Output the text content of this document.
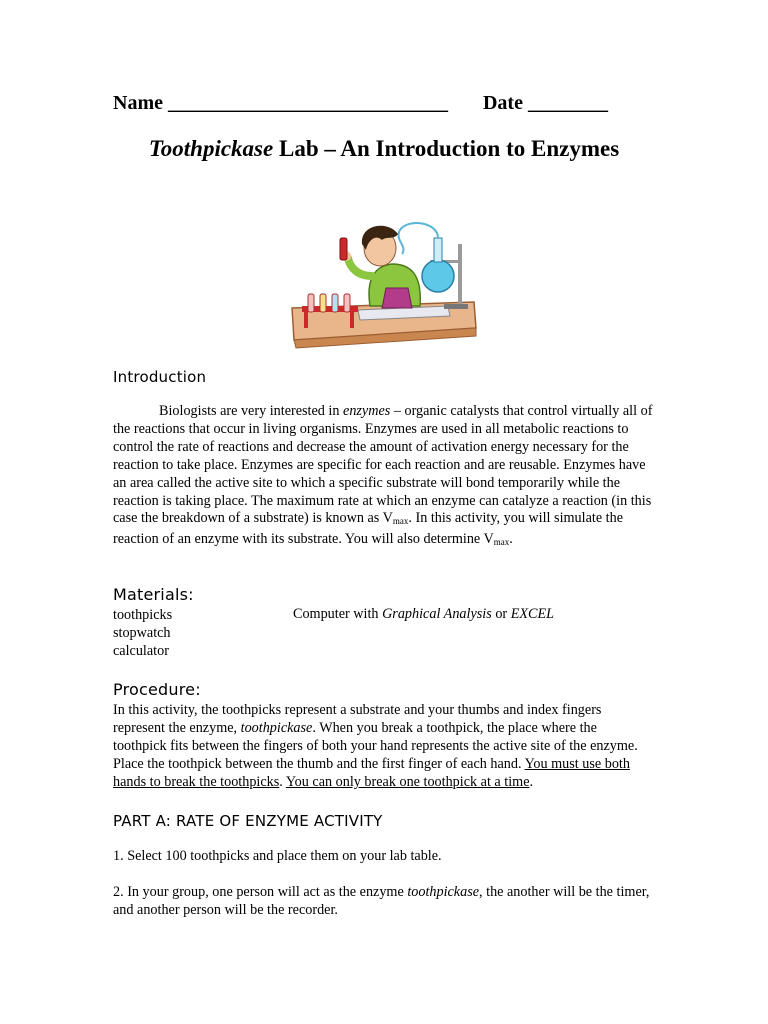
Name ____________________________ Date ________
Toothpickase Lab – An Introduction to Enzymes
Introduction
Biologists are very interested in enzymes – organic catalysts that control virtually all of the reactions that occur in living organisms. Enzymes are used in all metabolic reactions to control the rate of reactions and decrease the amount of activation energy necessary for the reaction to take place. Enzymes are specific for each reaction and are reusable. Enzymes have an area called the active site to which a specific substrate will bond temporarily while the reaction is taking place. The maximum rate at which an enzyme can catalyze a reaction (in this case the breakdown of a substrate) is known as $V_{max}$. In this activity, you will simulate the reaction of an enzyme with its substrate. You will also determine $V_{max}$.
Materials:
toothpicks
stopwatch
calculator
Computer with Graphical Analysis or EXCEL
Procedure:
In this activity, the toothpicks represent a substrate and your thumbs and index fingers represent the enzyme, toothpickase. When you break a toothpick, the place where the toothpick fits between the fingers of both your hand represents the active site of the enzyme. Place the toothpick between the thumb and the first finger of each hand. You must use both hands to break the toothpicks. You can only break one toothpick at a time.
PART A: RATE OF ENZYME ACTIVITY
1. Select 100 toothpicks and place them on your lab table.
2. In your group, one person will act as the enzyme toothpickase, the another will be the timer, and another person will be the recorder.
